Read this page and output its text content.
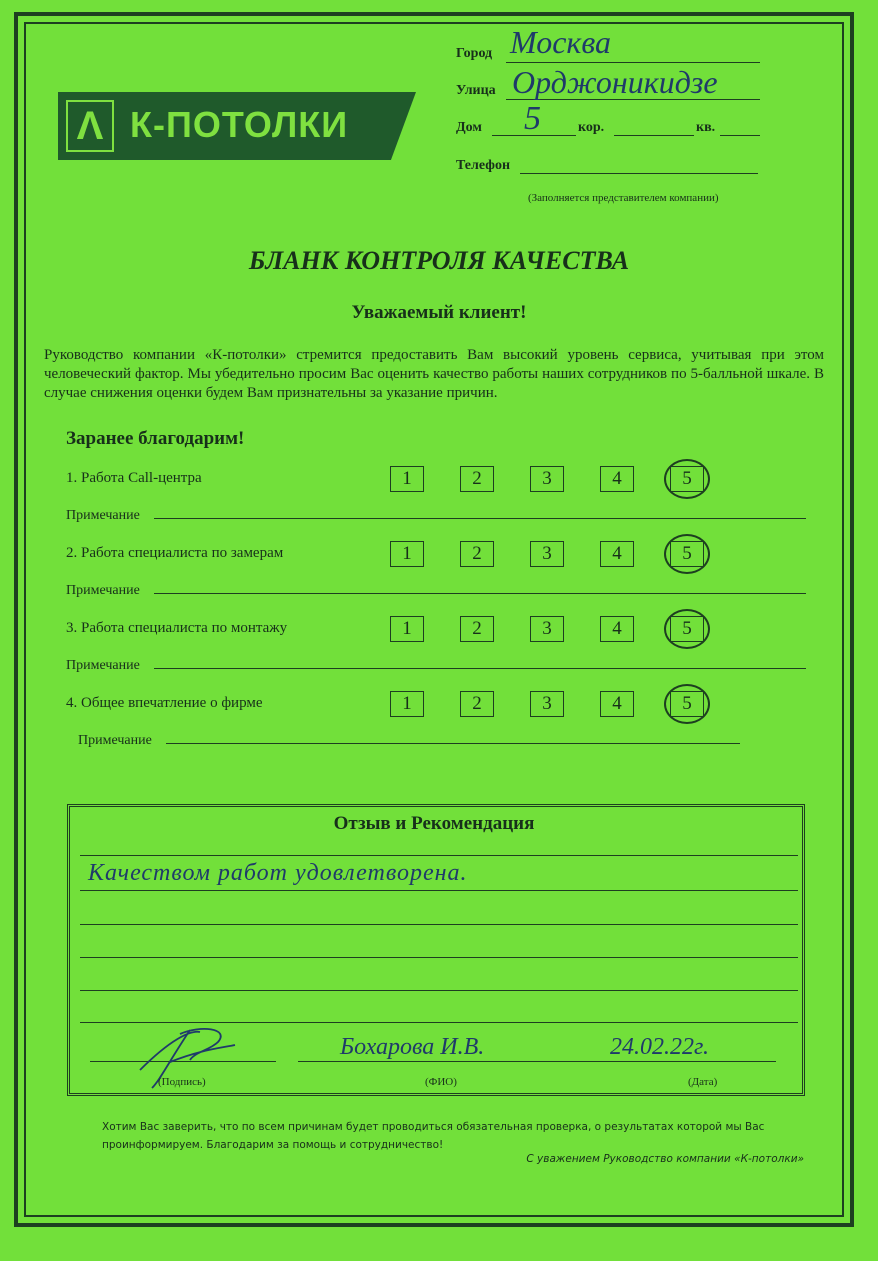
Λ К-ПОТОЛКИ
Город Москва
Улица Орджоникидзе
Дом 5	кор.	кв.
Телефон
(Заполняется представителем компании)
БЛАНК КОНТРОЛЯ КАЧЕСТВА
Уважаемый клиент!
Руководство компании «К-потолки» стремится предоставить Вам высокий уровень сервиса, учитывая при этом человеческий фактор. Мы убедительно просим Вас оценить качество работы наших сотрудников по 5-балльной шкале. В случае снижения оценки будем Вам признательны за указание причин.
Заранее благодарим!
1. Работа Call-центра	1	2	3	4	5
Примечание
2. Работа специалиста по замерам	1	2	3	4	5
Примечание
3. Работа специалиста по монтажу	1	2	3	4	5
Примечание
4. Общее впечатление о фирме	1	2	3	4	5
Примечание
Отзыв и Рекомендация
Качеством работ удовлетворена.
(Подпись)
Бохарова И.В.
(ФИО)
24.02.22г.
(Дата)
Хотим Вас заверить, что по всем причинам будет проводиться обязательная проверка, о результатах которой мы Вас проинформируем. Благодарим за помощь и сотрудничество!
С уважением Руководство компании «К-потолки»
